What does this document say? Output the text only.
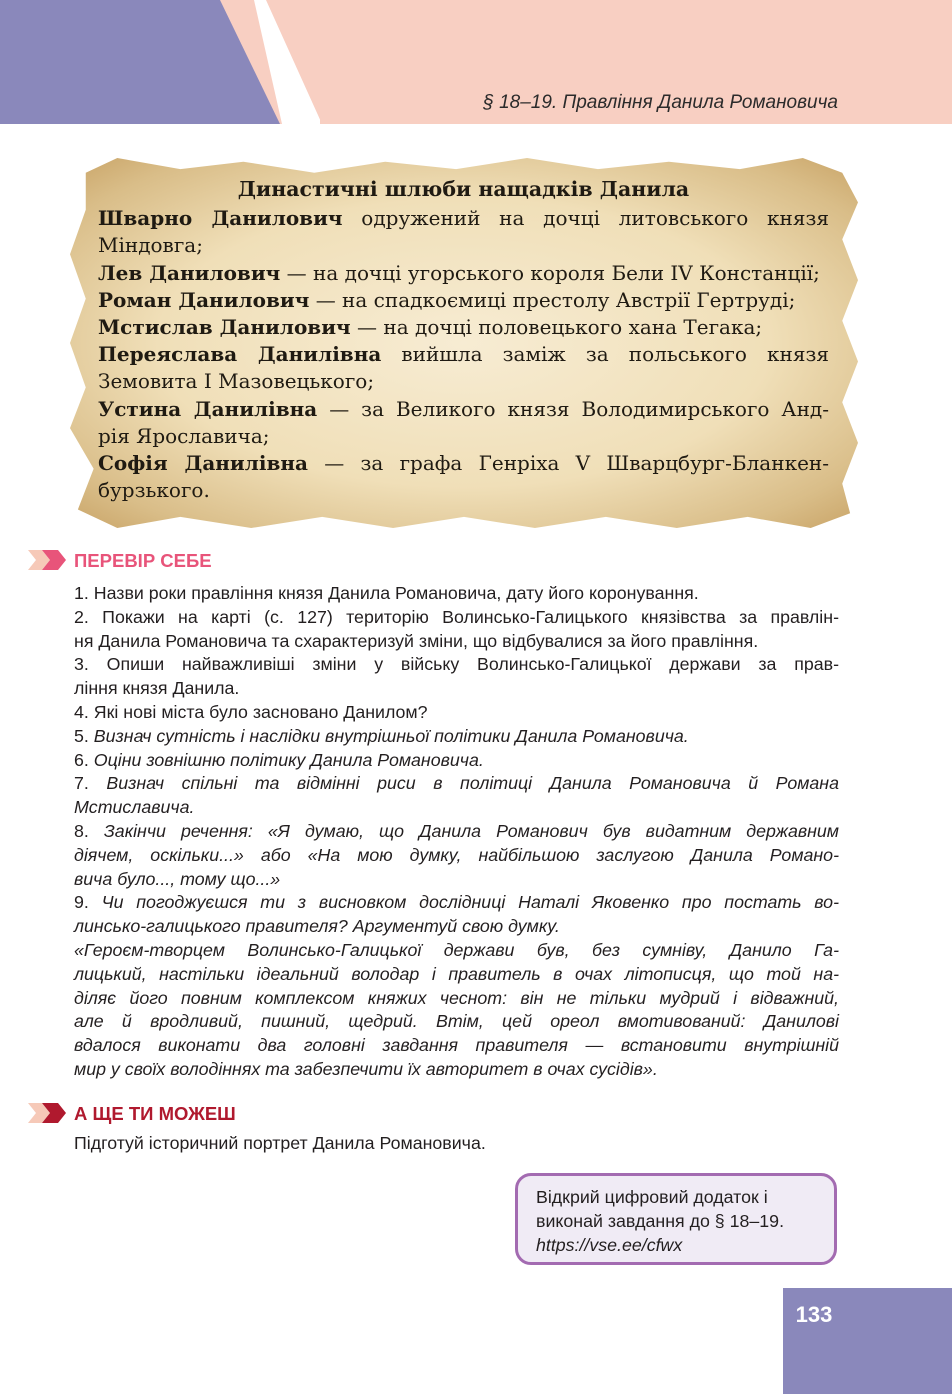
§ 18–19. Правління Данила Романовича
Династичні шлюби нащадків Данила
Шварно Данилович одружений на дочці литовського князя
Міндовга;
Лев Данилович — на дочці угорського короля Бели IV Констанції;
Роман Данилович — на спадкоємиці престолу Австрії Гертруді;
Мстислав Данилович — на дочці половецького хана Тегака;
Переяслава Данилівна вийшла заміж за польського князя
Земовита І Мазовецького;
Устина Данилівна — за Великого князя Володимирського Анд-
рія Ярославича;
Софія Данилівна — за графа Генріха V Шварцбург-Бланкен-
бурзького.
ПЕРЕВІР СЕБЕ
1. Назви роки правління князя Данила Романовича, дату його коронування.
2. Покажи на карті (с. 127) територію Волинсько-Галицького князівства за правлін-
ня Данила Романовича та схарактеризуй зміни, що відбувалися за його правління.
3. Опиши найважливіші зміни у війську Волинсько-Галицької держави за прав-
ління князя Данила.
4. Які нові міста було засновано Данилом?
5. Визнач сутність і наслідки внутрішньої політики Данила Романовича.
6. Оціни зовнішню політику Данила Романовича.
7. Визнач спільні та відмінні риси в політиці Данила Романовича й Романа
Мстиславича.
8. Закінчи речення: «Я думаю, що Данила Романович був видатним державним
діячем, оскільки...» або «На мою думку, найбільшою заслугою Данила Романо-
вича було..., тому що...»
9. Чи погоджуєшся ти з висновком дослідниці Наталі Яковенко про постать во-
линсько-галицького правителя? Аргументуй свою думку.
«Героєм-творцем Волинсько-Галицької держави був, без сумніву, Данило Га-
лицький, настільки ідеальний володар і правитель в очах літописця, що той на-
діляє його повним комплексом княжих чеснот: він не тільки мудрий і відважний,
але й вродливий, пишний, щедрий. Втім, цей ореол вмотивований: Данилові
вдалося виконати два головні завдання правителя — встановити внутрішній
мир у своїх володіннях та забезпечити їх авторитет в очах сусідів».
А ЩЕ ТИ МОЖЕШ
Підготуй історичний портрет Данила Романовича.
Відкрий цифровий додаток і
виконай завдання до § 18–19.
https://vse.ee/cfwx
133
